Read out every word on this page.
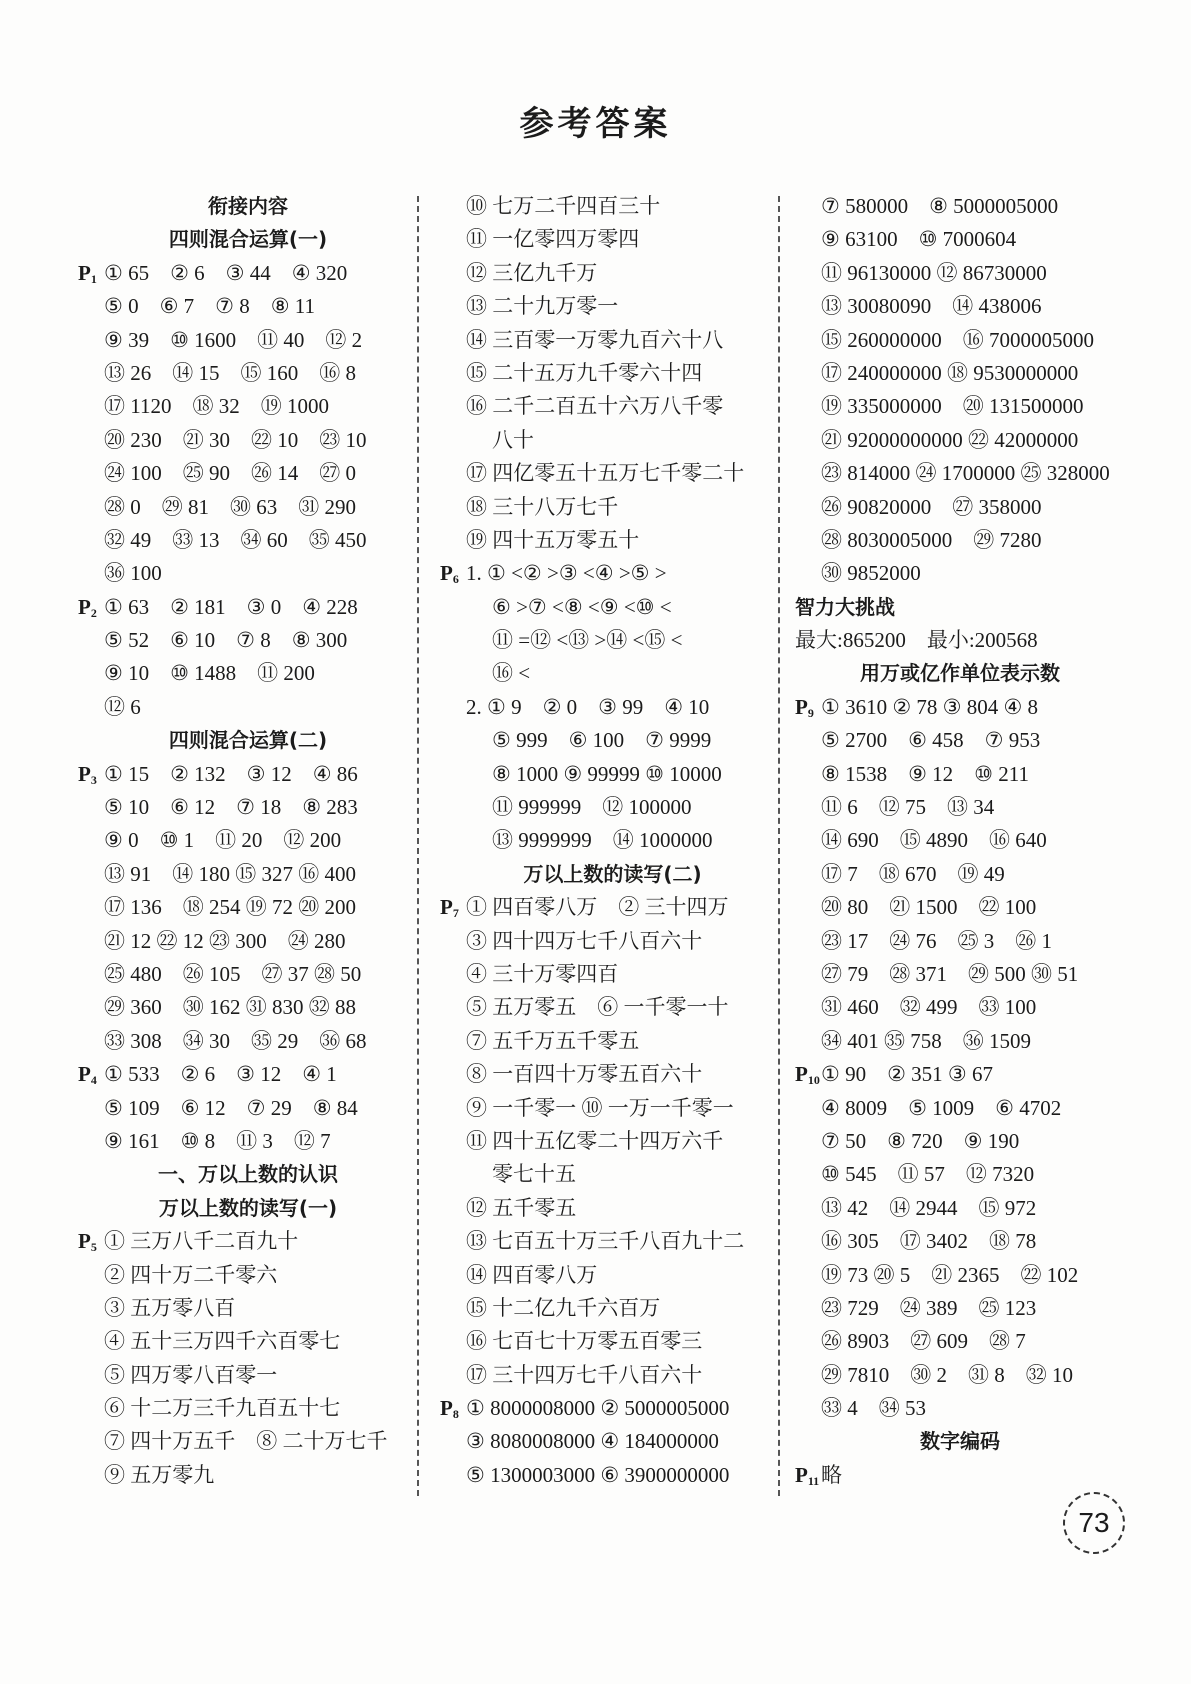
参考答案
衔接内容
四则混合运算(一)
$P_1$ ① 65　② 6　③ 44　④ 320
⑤ 0　⑥ 7　⑦ 8　⑧ 11
⑨ 39　⑩ 1600　⑪ 40　⑫ 2
⑬ 26　⑭ 15　⑮ 160　⑯ 8
⑰ 1120　⑱ 32　⑲ 1000
⑳ 230　㉑ 30　㉒ 10　㉓ 10
㉔ 100　㉕ 90　㉖ 14　㉗ 0
㉘ 0　㉙ 81　㉚ 63　㉛ 290
㉜ 49　㉝ 13　㉞ 60　㉟ 450
㊱ 100
$P_2$ ① 63　② 181　③ 0　④ 228
⑤ 52　⑥ 10　⑦ 8　⑧ 300
⑨ 10　⑩ 1488　⑪ 200
⑫ 6
四则混合运算(二)
$P_3$ ① 15　② 132　③ 12　④ 86
⑤ 10　⑥ 12　⑦ 18　⑧ 283
⑨ 0　⑩ 1　⑪ 20　⑫ 200
⑬ 91　⑭ 180 ⑮ 327 ⑯ 400
⑰ 136　⑱ 254 ⑲ 72 ⑳ 200
㉑ 12 ㉒ 12 ㉓ 300　㉔ 280
㉕ 480　㉖ 105　㉗ 37 ㉘ 50
㉙ 360　㉚ 162 ㉛ 830 ㉜ 88
㉝ 308　㉞ 30　㉟ 29　㊱ 68
$P_4$ ① 533　② 6　③ 12　④ 1
⑤ 109　⑥ 12　⑦ 29　⑧ 84
⑨ 161　⑩ 8　⑪ 3　⑫ 7
一、万以上数的认识
万以上数的读写(一)
$P_5$ ① 三万八千二百九十
② 四十万二千零六
③ 五万零八百
④ 五十三万四千六百零七
⑤ 四万零八百零一
⑥ 十二万三千九百五十七
⑦ 四十万五千　⑧ 二十万七千
⑨ 五万零九
⑩ 七万二千四百三十
⑪ 一亿零四万零四
⑫ 三亿九千万
⑬ 二十九万零一
⑭ 三百零一万零九百六十八
⑮ 二十五万九千零六十四
⑯ 二千二百五十六万八千零
八十
⑰ 四亿零五十五万七千零二十
⑱ 三十八万七千
⑲ 四十五万零五十
$P_6$ 1. ① <② >③ <④ >⑤ >
⑥ >⑦ <⑧ <⑨ <⑩ <
⑪ =⑫ <⑬ >⑭ <⑮ <
⑯ <
2. ① 9　② 0　③ 99　④ 10
⑤ 999　⑥ 100　⑦ 9999
⑧ 1000 ⑨ 99999 ⑩ 10000
⑪ 999999　⑫ 100000
⑬ 9999999　⑭ 1000000
万以上数的读写(二)
$P_7$ ① 四百零八万　② 三十四万
③ 四十四万七千八百六十
④ 三十万零四百
⑤ 五万零五　⑥ 一千零一十
⑦ 五千万五千零五
⑧ 一百四十万零五百六十
⑨ 一千零一 ⑩ 一万一千零一
⑪ 四十五亿零二十四万六千
零七十五
⑫ 五千零五
⑬ 七百五十万三千八百九十二
⑭ 四百零八万
⑮ 十二亿九千六百万
⑯ 七百七十万零五百零三
⑰ 三十四万七千八百六十
$P_8$ ① 8000008000 ② 5000005000
③ 8080008000 ④ 184000000
⑤ 1300003000 ⑥ 3900000000
⑦ 580000　⑧ 5000005000
⑨ 63100　⑩ 7000604
⑪ 96130000 ⑫ 86730000
⑬ 30080090　⑭ 438006
⑮ 260000000　⑯ 7000005000
⑰ 240000000 ⑱ 9530000000
⑲ 335000000　⑳ 131500000
㉑ 92000000000 ㉒ 42000000
㉓ 814000 ㉔ 1700000 ㉕ 328000
㉖ 90820000　㉗ 358000
㉘ 8030005000　㉙ 7280
㉚ 9852000
智力大挑战
最大:865200　最小:200568
用万或亿作单位表示数
$P_9$ ① 3610 ② 78 ③ 804 ④ 8
⑤ 2700　⑥ 458　⑦ 953
⑧ 1538　⑨ 12　⑩ 211
⑪ 6　⑫ 75　⑬ 34
⑭ 690　⑮ 4890　⑯ 640
⑰ 7　⑱ 670　⑲ 49
⑳ 80　㉑ 1500　㉒ 100
㉓ 17　㉔ 76　㉕ 3　㉖ 1
㉗ 79　㉘ 371　㉙ 500 ㉚ 51
㉛ 460　㉜ 499　㉝ 100
㉞ 401 ㉟ 758　㊱ 1509
$P_{10}①$ 90　② 351 ③ 67
④ 8009　⑤ 1009　⑥ 4702
⑦ 50　⑧ 720　⑨ 190
⑩ 545　⑪ 57　⑫ 7320
⑬ 42　⑭ 2944　⑮ 972
⑯ 305　⑰ 3402　⑱ 78
⑲ 73 ⑳ 5　㉑ 2365　㉒ 102
㉓ 729　㉔ 389　㉕ 123
㉖ 8903　㉗ 609　㉘ 7
㉙ 7810　㉚ 2　㉛ 8　㉜ 10
㉝ 4　㉞ 53
数字编码
$P_{11}$略
73
